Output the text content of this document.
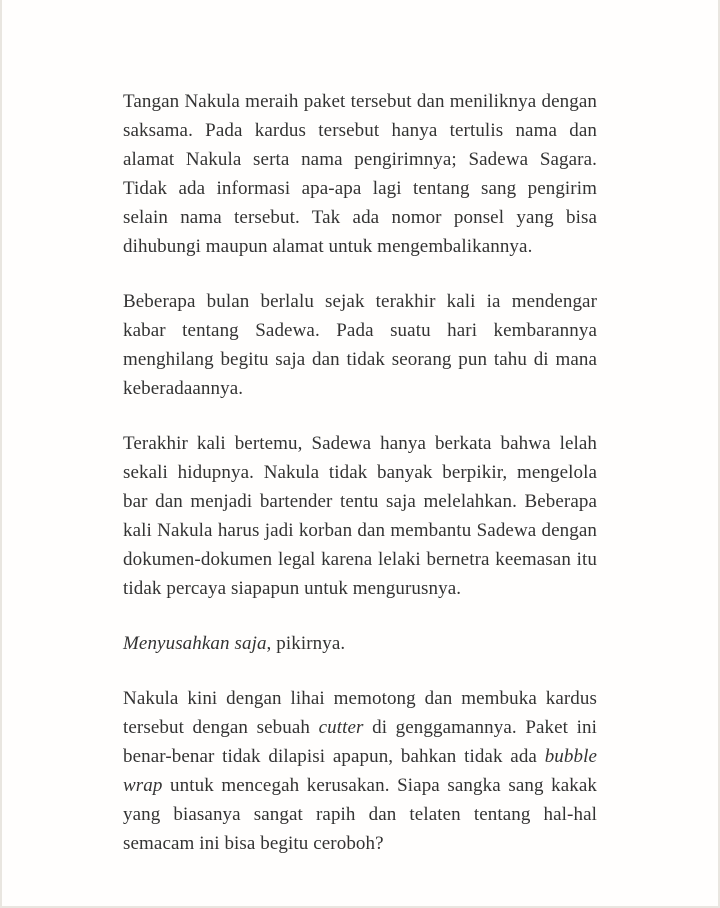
Tangan Nakula meraih paket tersebut dan meniliknya dengan saksama. Pada kardus tersebut hanya tertulis nama dan alamat Nakula serta nama pengirimnya; Sadewa Sagara. Tidak ada informasi apa-apa lagi tentang sang pengirim selain nama tersebut. Tak ada nomor ponsel yang bisa dihubungi maupun alamat untuk mengembalikannya.

Beberapa bulan berlalu sejak terakhir kali ia mendengar kabar tentang Sadewa. Pada suatu hari kembarannya menghilang begitu saja dan tidak seorang pun tahu di mana keberadaannya.

Terakhir kali bertemu, Sadewa hanya berkata bahwa lelah sekali hidupnya. Nakula tidak banyak berpikir, mengelola bar dan menjadi bartender tentu saja melelahkan. Beberapa kali Nakula harus jadi korban dan membantu Sadewa dengan dokumen-dokumen legal karena lelaki bernetra keemasan itu tidak percaya siapapun untuk mengurusnya.

Menyusahkan saja, pikirnya.

Nakula kini dengan lihai memotong dan membuka kardus tersebut dengan sebuah cutter di genggamannya. Paket ini benar-benar tidak dilapisi apapun, bahkan tidak ada bubble wrap untuk mencegah kerusakan. Siapa sangka sang kakak yang biasanya sangat rapih dan telaten tentang hal-hal semacam ini bisa begitu ceroboh?
